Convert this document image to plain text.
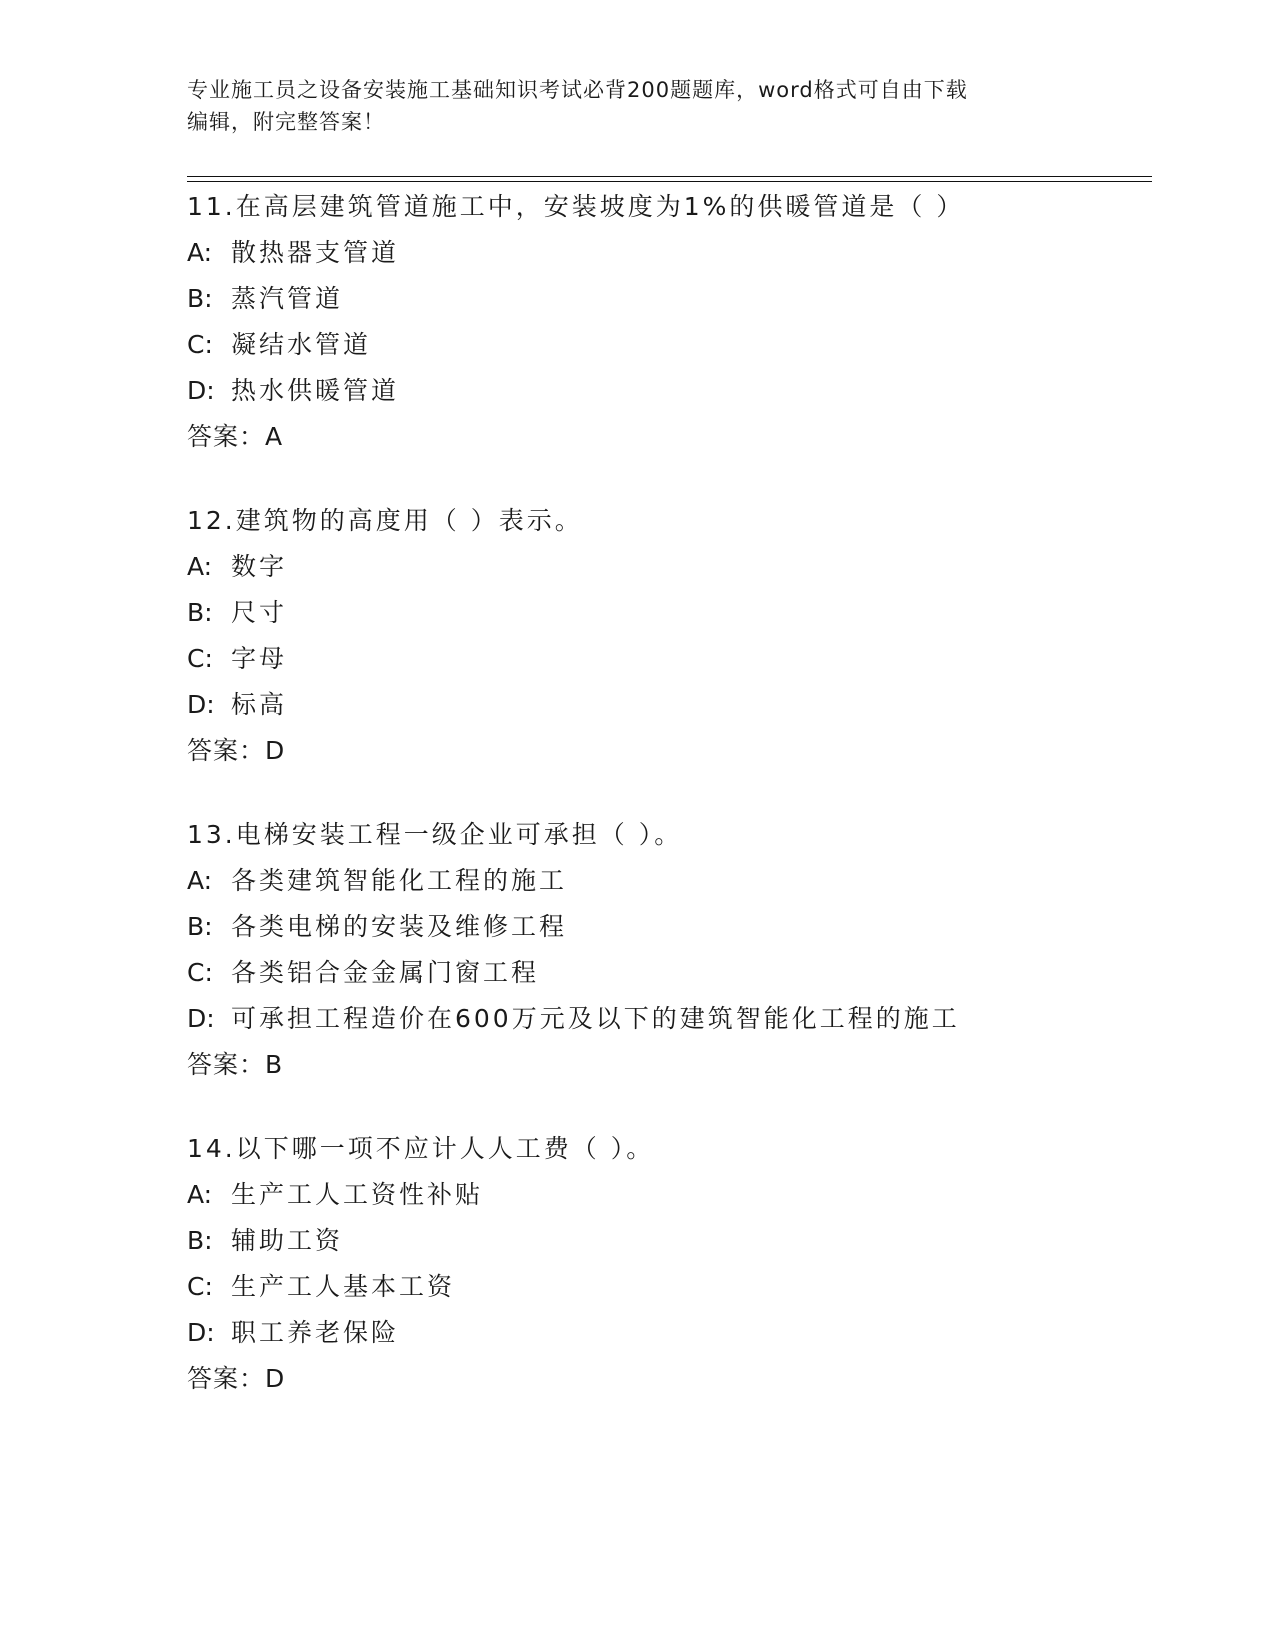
专业施工员之设备安装施工基础知识考试必背200题题库，word格式可自由下载
编辑，附完整答案！
11.在高层建筑管道施工中，安装坡度为1%的供暖管道是（ ）
A: 散热器支管道
B: 蒸汽管道
C: 凝结水管道
D: 热水供暖管道
答案：A
12.建筑物的高度用（ ）表示。
A: 数字
B: 尺寸
C: 字母
D: 标高
答案：D
13.电梯安装工程一级企业可承担（ ）。
A: 各类建筑智能化工程的施工
B: 各类电梯的安装及维修工程
C: 各类铝合金金属门窗工程
D: 可承担工程造价在600万元及以下的建筑智能化工程的施工
答案：B
14.以下哪一项不应计人人工费（ ）。
A: 生产工人工资性补贴
B: 辅助工资
C: 生产工人基本工资
D: 职工养老保险
答案：D
